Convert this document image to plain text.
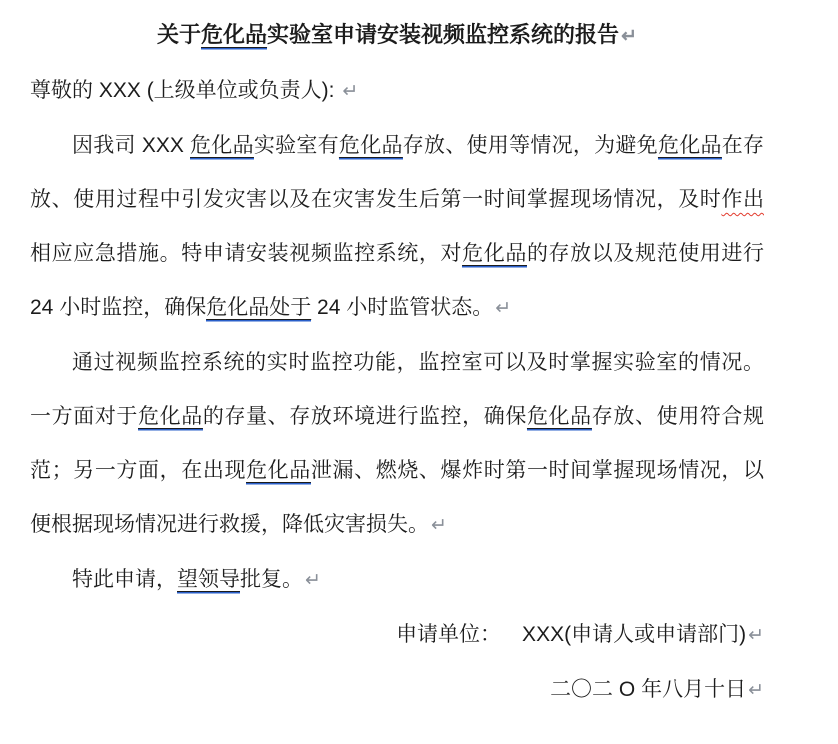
关于危化品实验室申请安装视频监控系统的报告 ↵

尊敬的 XXX (上级单位或负责人): ↵

因我司 XXX 危化品实验室有危化品存放、使用等情况，为避免危化品在存放、使用过程中引发灾害以及在灾害发生后第一时间掌握现场情况，及时作出相应应急措施。特申请安装视频监控系统，对危化品的存放以及规范使用进行 24 小时监控，确保危化品处于 24 小时监管状态。 ↵

通过视频监控系统的实时监控功能，监控室可以及时掌握实验室的情况。一方面对于危化品的存量、存放环境进行监控，确保危化品存放、使用符合规范；另一方面，在出现危化品泄漏、燃烧、爆炸时第一时间掌握现场情况，以便根据现场情况进行救援，降低灾害损失。 ↵

特此申请，望领导批复。 ↵

申请单位：  XXX(申请人或申请部门) ↵

二〇二 O 年八月十日 ↵
